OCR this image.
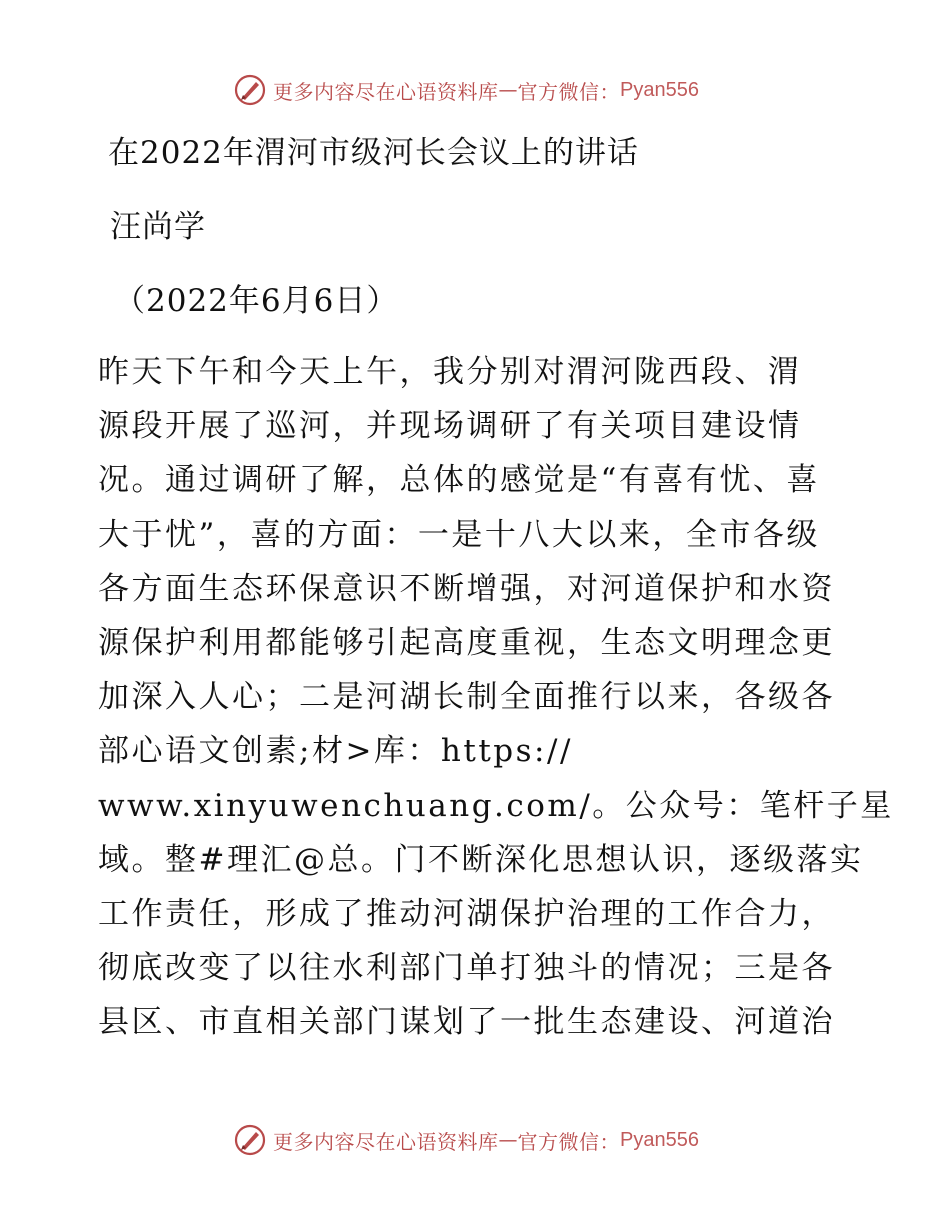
更多内容尽在心语资料库 — 官方微信： Pyan556
在2022年渭河市级河长会议上的讲话
汪尚学
（2022年6月6日）
昨天下午和今天上午，我分别对渭河陇西段、渭
源段开展了巡河，并现场调研了有关项目建设情
况。通过调研了解，总体的感觉是“有喜有忧、喜
大于忧”，喜的方面：一是十八大以来，全市各级
各方面生态环保意识不断增强，对河道保护和水资
源保护利用都能够引起高度重视，生态文明理念更
加深入人心；二是河湖长制全面推行以来，各级各
部心语文创素;材>库：https://
www.xinyuwenchuang.com/。公众号：笔杆子星
域。整#理汇@总。门不断深化思想认识，逐级落实
工作责任，形成了推动河湖保护治理的工作合力，
彻底改变了以往水利部门单打独斗的情况；三是各
县区、市直相关部门谋划了一批生态建设、河道治
更多内容尽在心语资料库 — 官方微信： Pyan556
